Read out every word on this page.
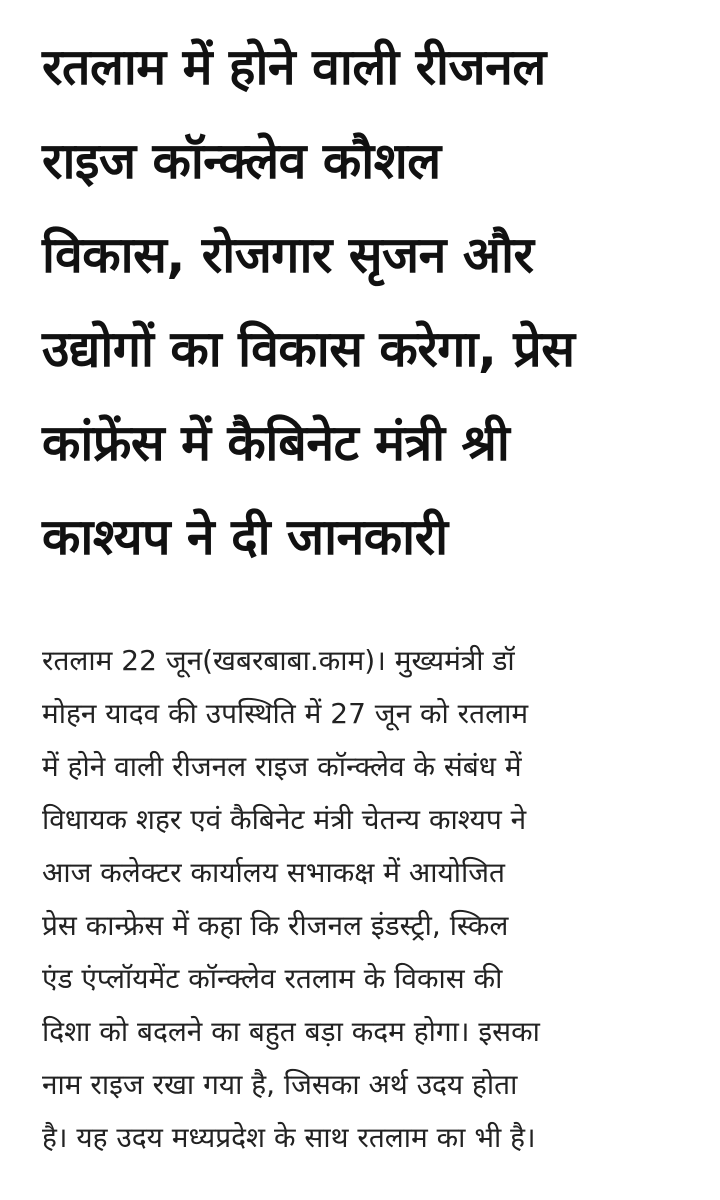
रतलाम में होने वाली रीजनल
राइज कॉन्क्लेव कौशल
विकास, रोजगार सृजन और
उद्योगों का विकास करेगा, प्रेस
कांफ्रेंस में कैबिनेट मंत्री श्री
काश्यप ने दी जानकारी

रतलाम 22 जून(खबरबाबा.काम)। मुख्यमंत्री डॉ
मोहन यादव की उपस्थिति में 27 जून को रतलाम
में होने वाली रीजनल राइज कॉन्क्लेव के संबंध में
विधायक शहर एवं कैबिनेट मंत्री चेतन्य काश्यप ने
आज कलेक्टर कार्यालय सभाकक्ष में आयोजित
प्रेस कान्फ्रेस में कहा कि रीजनल इंडस्ट्री, स्किल
एंड एंप्लॉयमेंट कॉन्क्लेव रतलाम के विकास की
दिशा को बदलने का बहुत बड़ा कदम होगा। इसका
नाम राइज रखा गया है, जिसका अर्थ उदय होता
है। यह उदय मध्यप्रदेश के साथ रतलाम का भी है।
